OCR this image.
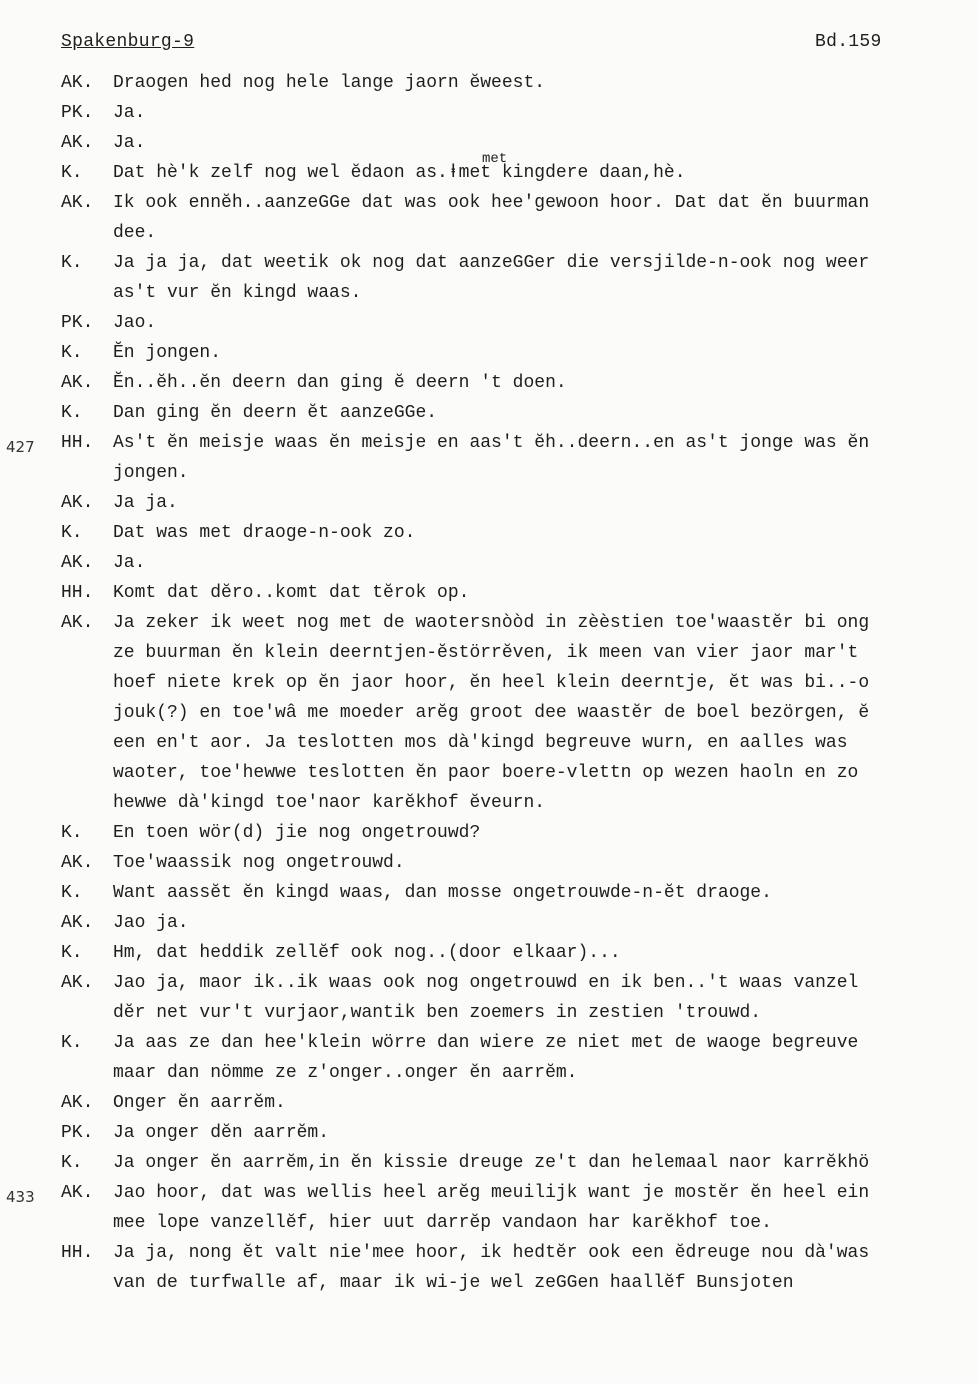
Spakenburg-9	Bd.159
AK. Draogen hed nog hele lange jaorn ĕweest.
PK. Ja.
AK. Ja.
K. Dat hè'k zelf nog wel ĕdaon as.ⱡmet kingdere daan,hè.
met
AK. Ik ook ennĕh..aanzeGGe dat was ook hee'gewoon hoor. Dat dat ĕn buurman
dee.
K. Ja ja ja, dat weetik ok nog dat aanzeGGer die versjilde-n-ook nog weer
as't vur ĕn kingd waas.
PK. Jao.
K. Ĕn jongen.
AK. Ĕn..ĕh..ĕn deern dan ging ĕ deern 't doen.
K. Dan ging ĕn deern ĕt aanzeGGe.
427 HH. As't ĕn meisje waas ĕn meisje en aas't ĕh..deern..en as't jonge was ĕn
jongen.
AK. Ja ja.
K. Dat was met draoge-n-ook zo.
AK. Ja.
HH. Komt dat dĕro..komt dat tĕrok op.
AK. Ja zeker ik weet nog met de waotersnòòd in zèèstien toe'waastĕr bi ong
ze buurman ĕn klein deerntjen-ĕstörrĕven, ik meen van vier jaor mar't
hoef niete krek op ĕn jaor hoor, ĕn heel klein deerntje, ĕt was bi..-o
jouk(?) en toe'wâ me moeder arĕg groot dee waastĕr de boel bezörgen, ĕ
een en't aor. Ja teslotten mos dà'kingd begreuve wurn, en aalles was
waoter, toe'hewwe teslotten ĕn paor boere-vlettn op wezen haoln en zo
hewwe dà'kingd toe'naor karĕkhof ĕveurn.
K. En toen wör(d) jie nog ongetrouwd?
AK. Toe'waassik nog ongetrouwd.
K. Want aassĕt ĕn kingd waas, dan mosse ongetrouwde-n-ĕt draoge.
AK. Jao ja.
K. Hm, dat heddik zellĕf ook nog..(door elkaar)...
AK. Jao ja, maor ik..ik waas ook nog ongetrouwd en ik ben..'t waas vanzel
dĕr net vur't vurjaor,wantik ben zoemers in zestien 'trouwd.
K. Ja aas ze dan hee'klein wörre dan wiere ze niet met de waoge begreuve
maar dan nömme ze z'onger..onger ĕn aarrĕm.
AK. Onger ĕn aarrĕm.
PK. Ja onger dĕn aarrĕm.
K. Ja onger ĕn aarrĕm,in ĕn kissie dreuge ze't dan helemaal naor karrĕkhö
433 AK. Jao hoor, dat was wellis heel arĕg meuilijk want je mostĕr ĕn heel ein
mee lope vanzellĕf, hier uut darrĕp vandaon har karĕkhof toe.
HH. Ja ja, nong ĕt valt nie'mee hoor, ik hedtĕr ook een ĕdreuge nou dà'was
van de turfwalle af, maar ik wi-je wel zeGGen haallĕf Bunsjoten
